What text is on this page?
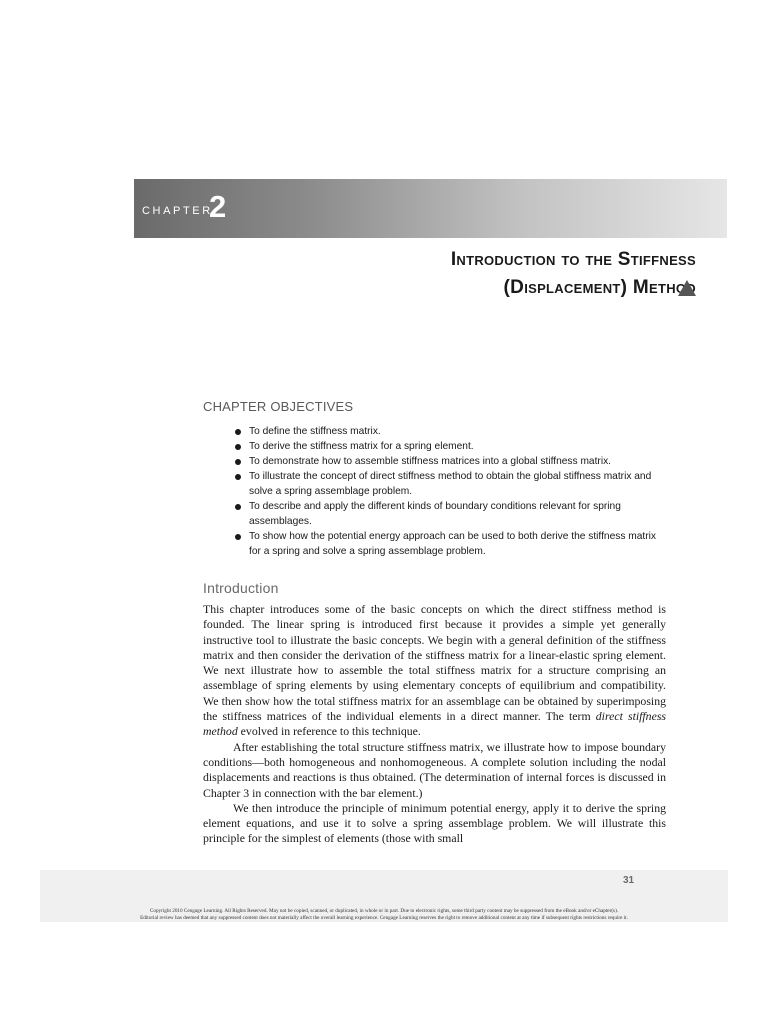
CHAPTER
2
Introduction to the Stiffness
(Displacement) Method
CHAPTER OBJECTIVES
To define the stiffness matrix.
To derive the stiffness matrix for a spring element.
To demonstrate how to assemble stiffness matrices into a global stiffness matrix.
To illustrate the concept of direct stiffness method to obtain the global stiffness matrix and solve a spring assemblage problem.
To describe and apply the different kinds of boundary conditions relevant for spring assemblages.
To show how the potential energy approach can be used to both derive the stiffness matrix for a spring and solve a spring assemblage problem.
Introduction

This chapter introduces some of the basic concepts on which the direct stiffness method is founded. The linear spring is introduced first because it provides a simple yet generally instructive tool to illustrate the basic concepts. We begin with a general definition of the stiffness matrix and then consider the derivation of the stiffness matrix for a linear-elastic spring element. We next illustrate how to assemble the total stiffness matrix for a structure comprising an assemblage of spring elements by using elementary concepts of equilibrium and compatibility. We then show how the total stiffness matrix for an assemblage can be obtained by superimposing the stiffness matrices of the individual elements in a direct manner. The term direct stiffness method evolved in reference to this technique.

After establishing the total structure stiffness matrix, we illustrate how to impose boundary conditions—both homogeneous and nonhomogeneous. A complete solution including the nodal displacements and reactions is thus obtained. (The determination of internal forces is discussed in Chapter 3 in connection with the bar element.)

We then introduce the principle of minimum potential energy, apply it to derive the spring element equations, and use it to solve a spring assemblage problem. We will illustrate this principle for the simplest of elements (those with small

31
Copyright 2010 Cengage Learning. All Rights Reserved. May not be copied, scanned, or duplicated, in whole or in part. Due to electronic rights, some third party content may be suppressed from the eBook and/or eChapter(s).
Editorial review has deemed that any suppressed content does not materially affect the overall learning experience. Cengage Learning reserves the right to remove additional content at any time if subsequent rights restrictions require it.
